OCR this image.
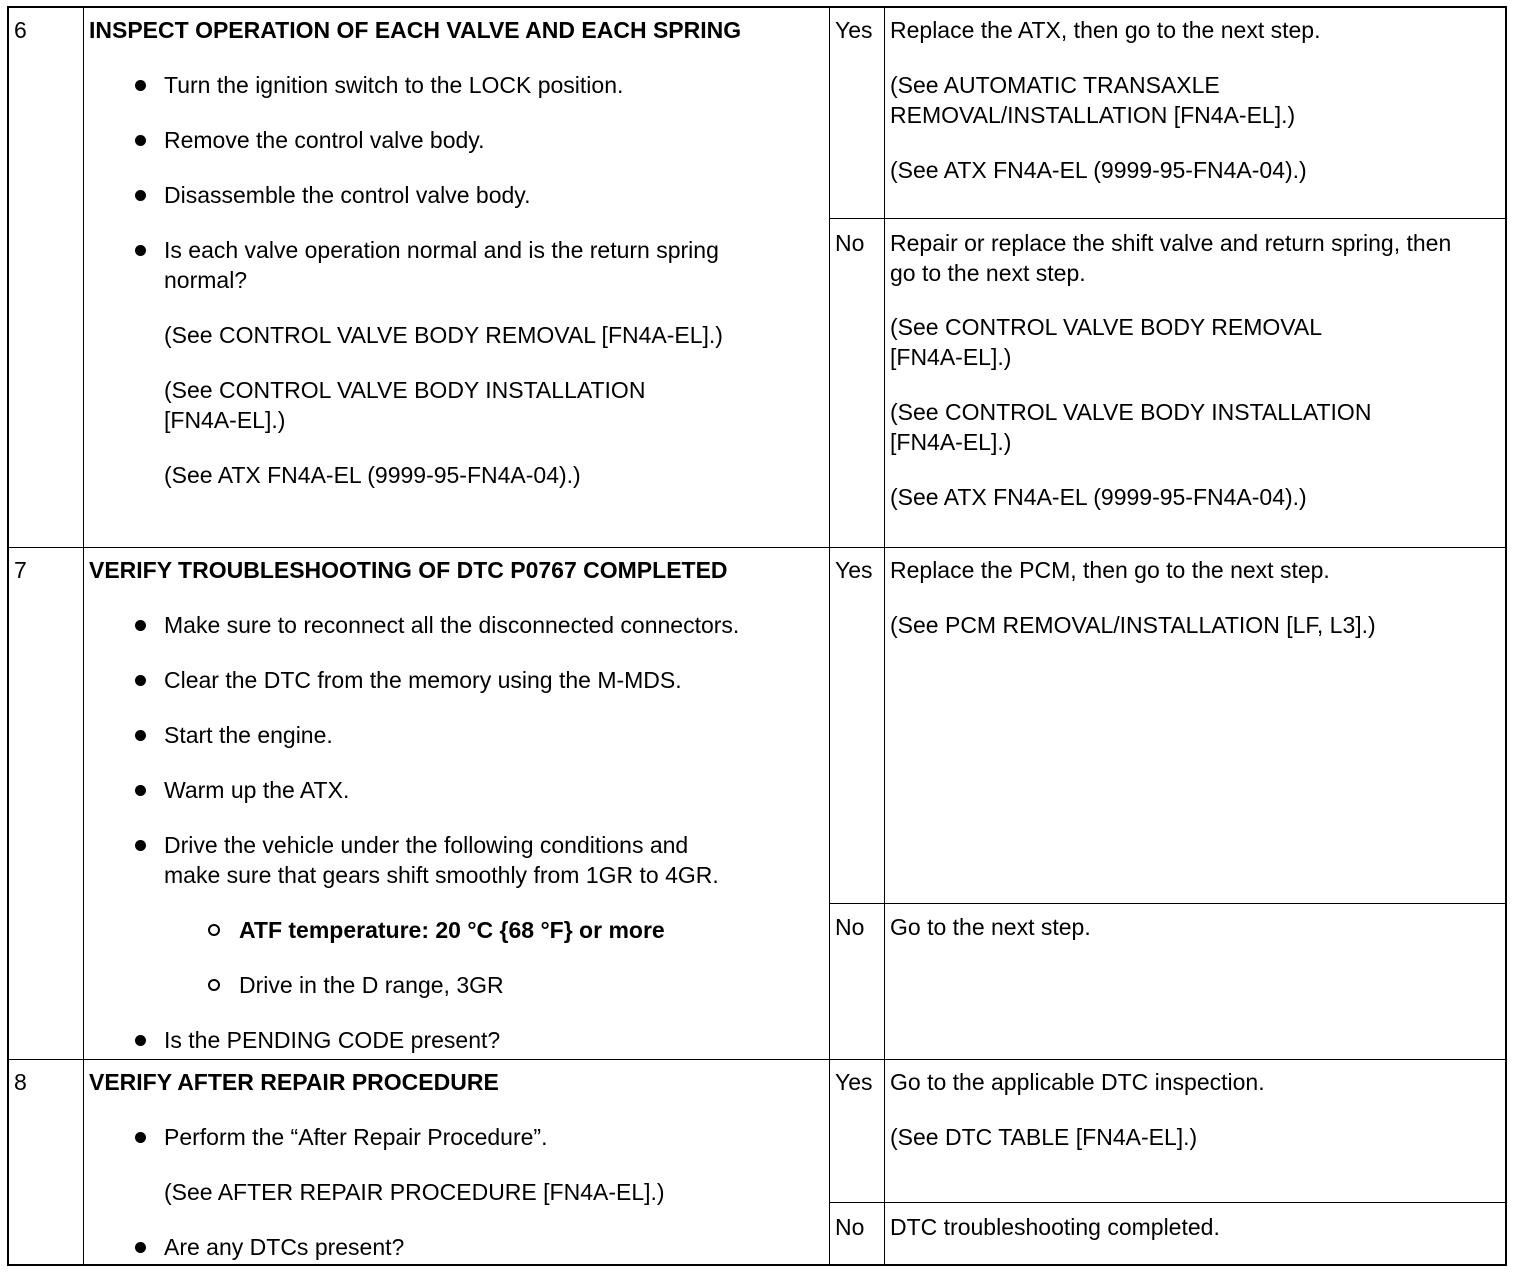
6	INSPECT OPERATION OF EACH VALVE AND EACH SPRING
Turn the ignition switch to the LOCK position.
Remove the control valve body.
Disassemble the control valve body.
Is each valve operation normal and is the return spring
normal?
(See CONTROL VALVE BODY REMOVAL [FN4A-EL].)
(See CONTROL VALVE BODY INSTALLATION
[FN4A-EL].)
(See ATX FN4A-EL (9999-95-FN4A-04).)
Yes Replace the ATX, then go to the next step.
(See AUTOMATIC TRANSAXLE
REMOVAL/INSTALLATION [FN4A-EL].)
(See ATX FN4A-EL (9999-95-FN4A-04).)
No Repair or replace the shift valve and return spring, then
go to the next step.
(See CONTROL VALVE BODY REMOVAL
[FN4A-EL].)
(See CONTROL VALVE BODY INSTALLATION
[FN4A-EL].)
(See ATX FN4A-EL (9999-95-FN4A-04).)
7	VERIFY TROUBLESHOOTING OF DTC P0767 COMPLETED
Make sure to reconnect all the disconnected connectors.
Clear the DTC from the memory using the M-MDS.
Start the engine.
Warm up the ATX.
Drive the vehicle under the following conditions and
make sure that gears shift smoothly from 1GR to 4GR.
ATF temperature: 20 °C {68 °F} or more
Drive in the D range, 3GR
Is the PENDING CODE present?
Yes Replace the PCM, then go to the next step.
(See PCM REMOVAL/INSTALLATION [LF, L3].)
No Go to the next step.
8	VERIFY AFTER REPAIR PROCEDURE
Perform the “After Repair Procedure”.
(See AFTER REPAIR PROCEDURE [FN4A-EL].)
Are any DTCs present?
Yes Go to the applicable DTC inspection.
(See DTC TABLE [FN4A-EL].)
No DTC troubleshooting completed.
